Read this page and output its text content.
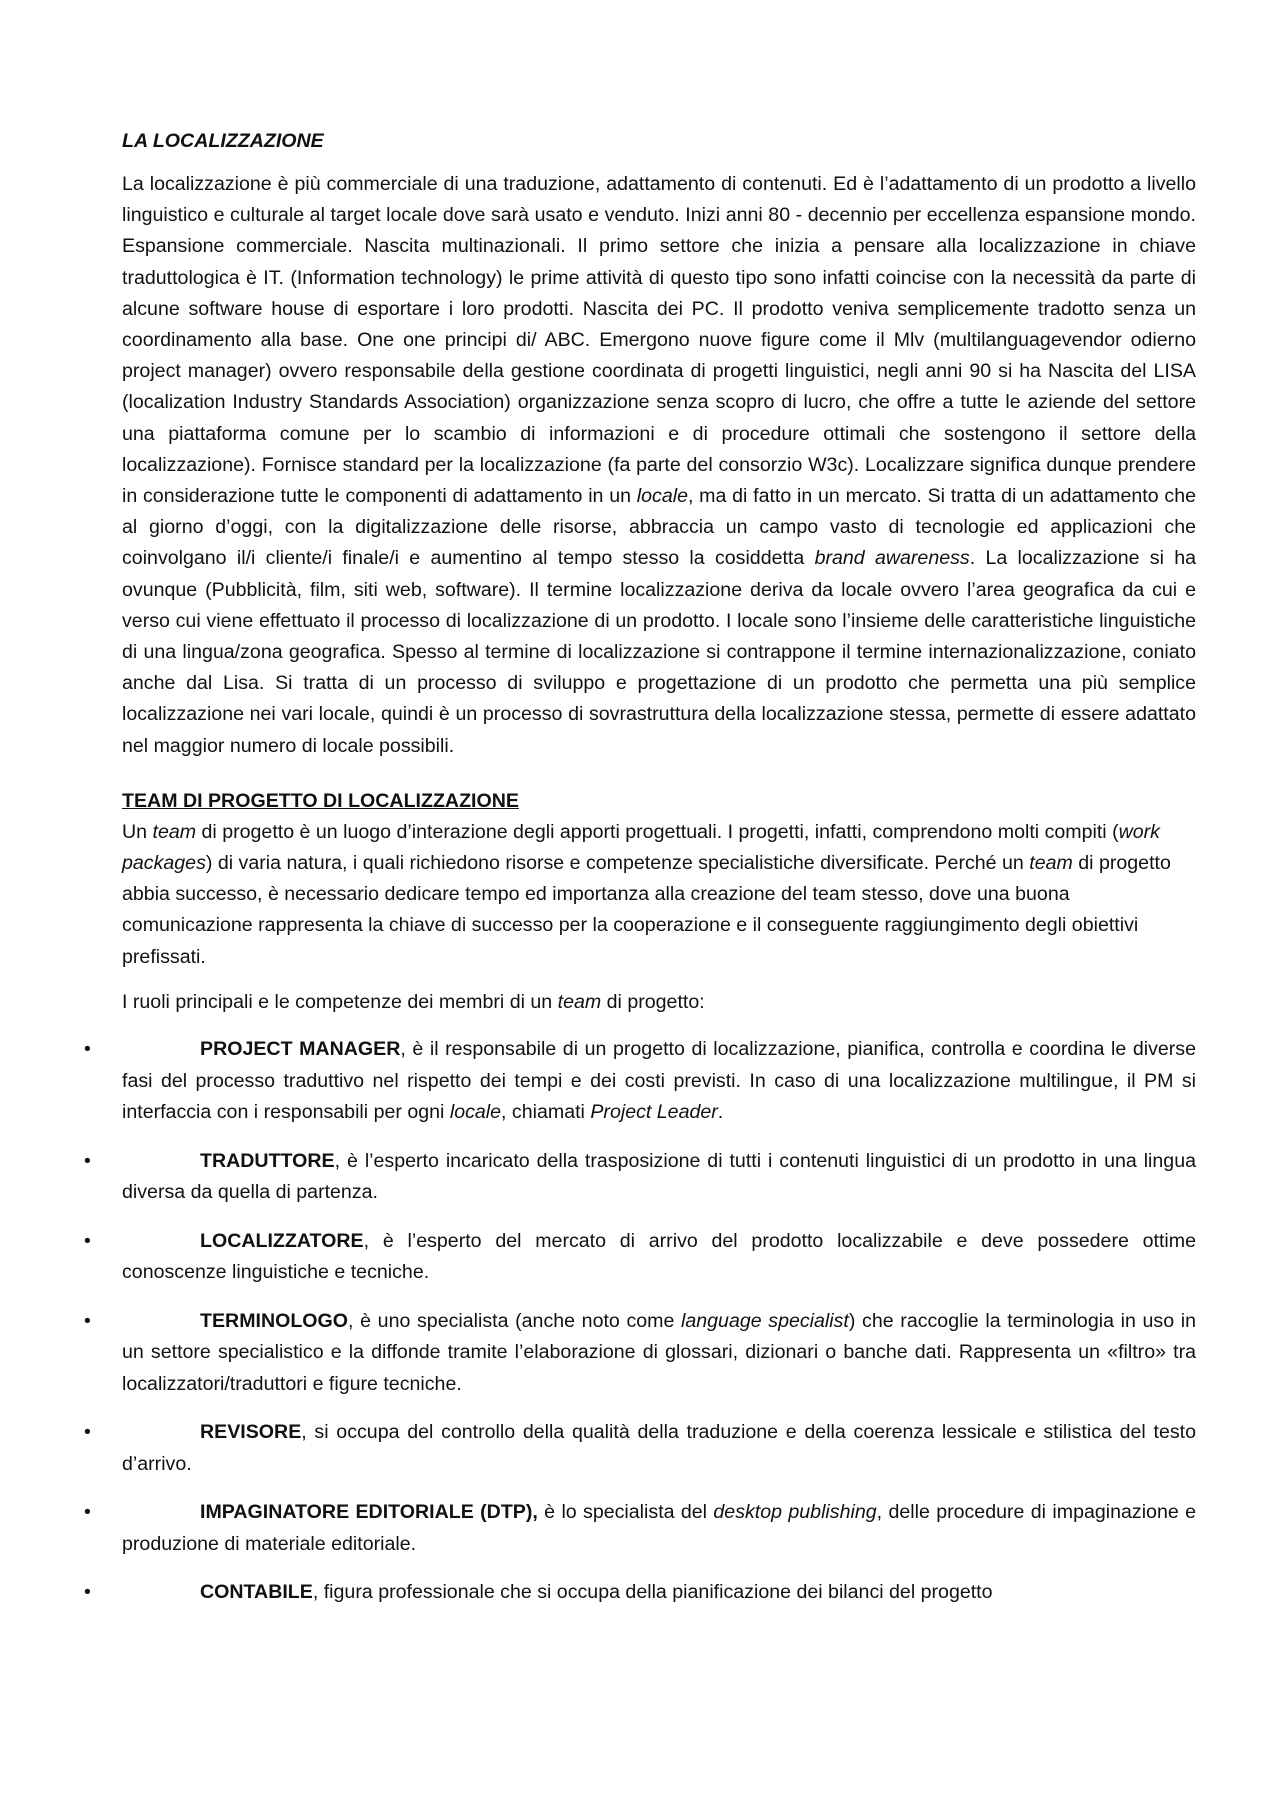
LA LOCALIZZAZIONE

La localizzazione è più commerciale di una traduzione, adattamento di contenuti. Ed è l’adattamento di un prodotto a livello linguistico e culturale al target locale dove sarà usato e venduto. Inizi anni 80 - decennio per eccellenza espansione mondo. Espansione commerciale. Nascita multinazionali. Il primo settore che inizia a pensare alla localizzazione in chiave traduttologica è IT. (Information technology) le prime attività di questo tipo sono infatti coincise con la necessità da parte di alcune software house di esportare i loro prodotti. Nascita dei PC. Il prodotto veniva semplicemente tradotto senza un coordinamento alla base. One one principi di/ ABC. Emergono nuove figure come il Mlv (multilanguagevendor odierno project manager) ovvero responsabile della gestione coordinata di progetti linguistici, negli anni 90 si ha Nascita del LISA (localization Industry Standards Association) organizzazione senza scopro di lucro, che offre a tutte le aziende del settore una piattaforma comune per lo scambio di informazioni e di procedure ottimali che sostengono il settore della localizzazione). Fornisce standard per la localizzazione (fa parte del consorzio W3c). Localizzare significa dunque prendere in considerazione tutte le componenti di adattamento in un locale, ma di fatto in un mercato. Si tratta di un adattamento che al giorno d’oggi, con la digitalizzazione delle risorse, abbraccia un campo vasto di tecnologie ed applicazioni che coinvolgano il/i cliente/i finale/i e aumentino al tempo stesso la cosiddetta brand awareness. La localizzazione si ha ovunque (Pubblicità, film, siti web, software). Il termine localizzazione deriva da locale ovvero l’area geografica da cui e verso cui viene effettuato il processo di localizzazione di un prodotto. I locale sono l’insieme delle caratteristiche linguistiche di una lingua/zona geografica. Spesso al termine di localizzazione si contrappone il termine internazionalizzazione, coniato anche dal Lisa. Si tratta di un processo di sviluppo e progettazione di un prodotto che permetta una più semplice localizzazione nei vari locale, quindi è un processo di sovrastruttura della localizzazione stessa, permette di essere adattato nel maggior numero di locale possibili.

TEAM DI PROGETTO DI LOCALIZZAZIONE

Un team di progetto è un luogo d’interazione degli apporti progettuali. I progetti, infatti, comprendono molti compiti (work packages) di varia natura, i quali richiedono risorse e competenze specialistiche diversificate. Perché un team di progetto abbia successo, è necessario dedicare tempo ed importanza alla creazione del team stesso, dove una buona comunicazione rappresenta la chiave di successo per la cooperazione e il conseguente raggiungimento degli obiettivi prefissati.

I ruoli principali e le competenze dei membri di un team di progetto:

•	PROJECT MANAGER, è il responsabile di un progetto di localizzazione, pianifica, controlla e coordina le diverse fasi del processo traduttivo nel rispetto dei tempi e dei costi previsti. In caso di una localizzazione multilingue, il PM si interfaccia con i responsabili per ogni locale, chiamati Project Leader.
•	TRADUTTORE, è l’esperto incaricato della trasposizione di tutti i contenuti linguistici di un prodotto in una lingua diversa da quella di partenza.
•	LOCALIZZATORE, è l’esperto del mercato di arrivo del prodotto localizzabile e deve possedere ottime conoscenze linguistiche e tecniche.
•	TERMINOLOGO, è uno specialista (anche noto come language specialist) che raccoglie la terminologia in uso in un settore specialistico e la diffonde tramite l’elaborazione di glossari, dizionari o banche dati. Rappresenta un «filtro» tra localizzatori/traduttori e figure tecniche.
•	REVISORE, si occupa del controllo della qualità della traduzione e della coerenza lessicale e stilistica del testo d’arrivo.
•	IMPAGINATORE EDITORIALE (DTP), è lo specialista del desktop publishing, delle procedure di impaginazione e produzione di materiale editoriale.
•	CONTABILE, figura professionale che si occupa della pianificazione dei bilanci del progetto
